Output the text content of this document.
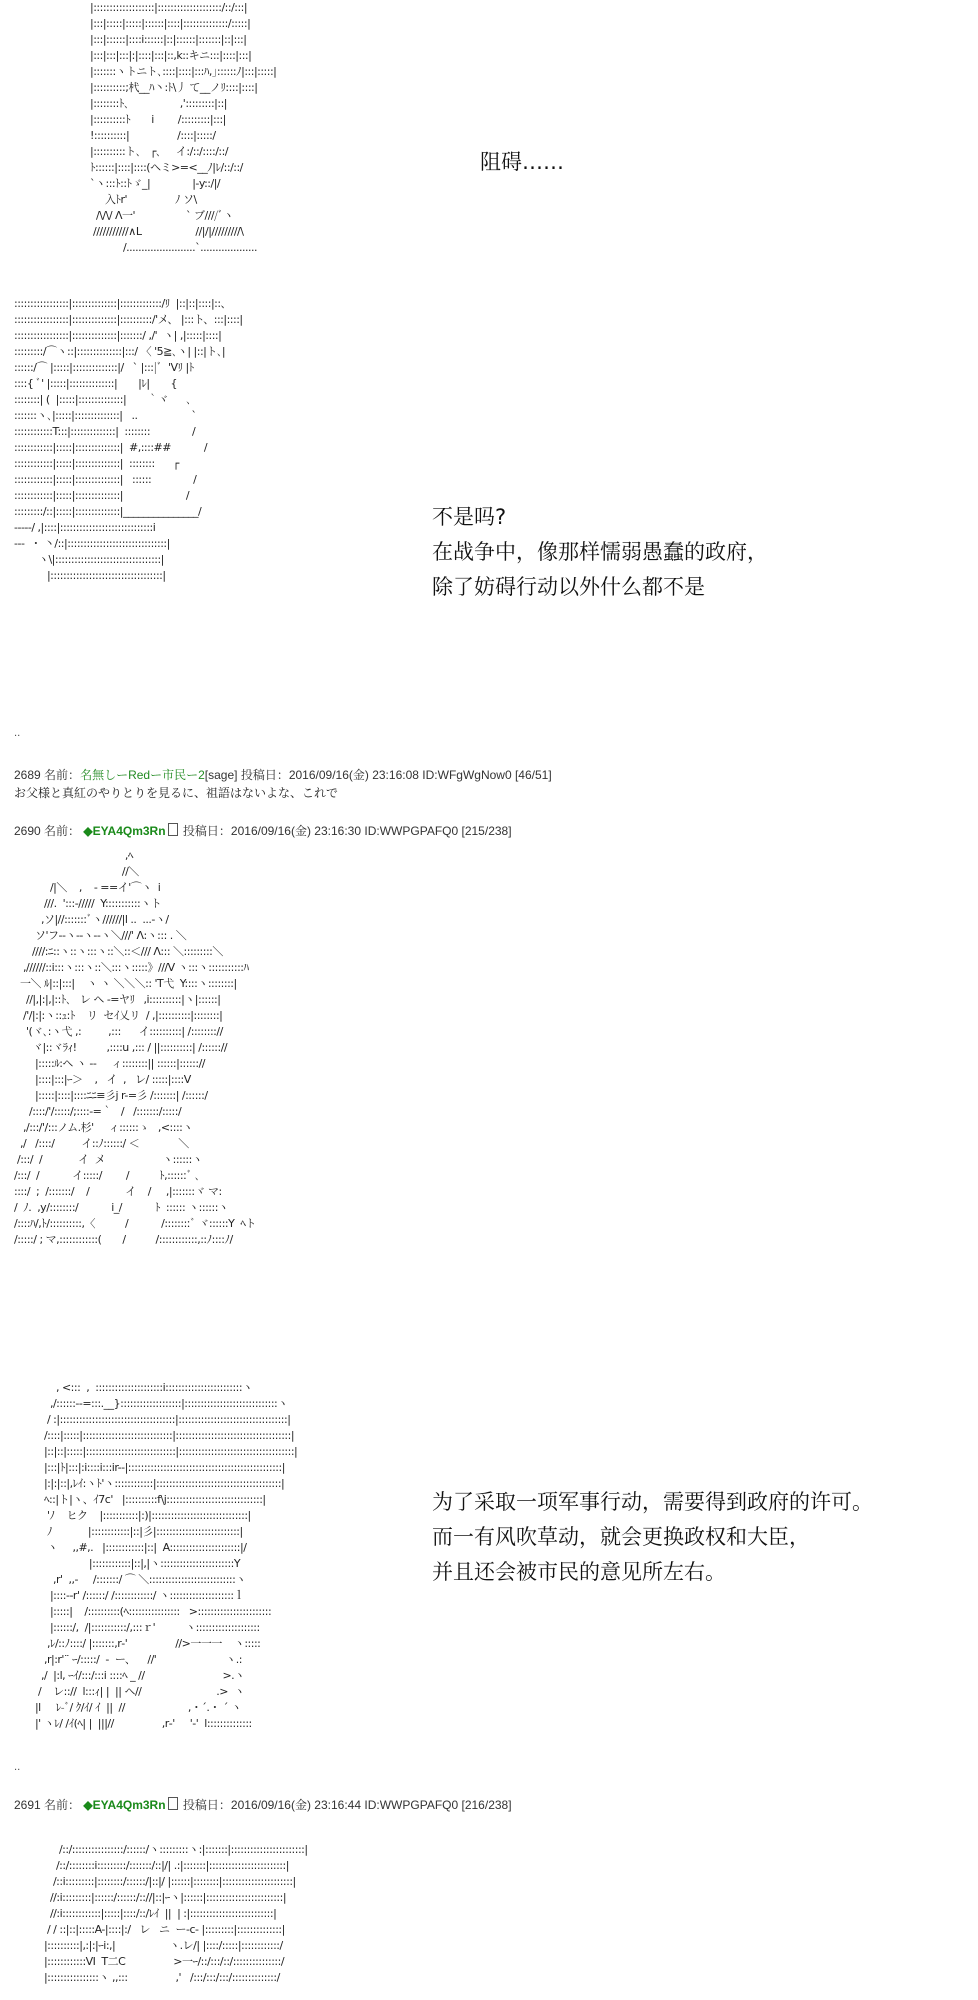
|:::::::::::::::::::|::::::::::::::::::::/::/:::|
|:::|:::::|:::::|::::::|::::|::::::::::::::/:::::|
|:::|::::::|::::i::::::|::|::::::|:::::::|::|:::|
|:::|:::|:::|:|::::|:::|::,k::キニ:::|::::|:::|
|:::::::ヽトニト､::::|::::|:::ﾊ,｣::::::ﾉ|:::|:::::|
|::::::::::;杙__ﾊ丶:ﾄ\丿 て__ノﾘ::::|::::|
|::::::::ﾄ､                 ,':::::::::|::|
|::::::::::ﾄ       i        /:::::::::|:::|
!::::::::::|                /::::|:::::/
|::::::::::ト､   ┌､     イ:/::/::::/::/
ﾄ::::::|::::|::::(ヘミ>=<__ﾉ|ﾚ/::/::/
`ヽ:::ﾄ::ﾄゞ_|              |-y::/|/
入ﾄr'                ﾉ ソ\
/\/\/ Λ一'                 ` ブ////ﾞヽ
///////////∧L                  //|/|/////////\
/.......................`...................
阻碍……
:::::::::::::::::|::::::::::::::|:::::::::::::/ﾘ  |::|::|::::|::、
:::::::::::::::::|::::::::::::::|::::::::::/'メ、 |:::ト、:::|::::|
:::::::::::::::::|::::::::::::::|:::::::/ ,/'  ヽ| ,|:::::|::::|
:::::::::/⌒ヽ::|::::::::::::::|:::/ 〈 '5≧､ヽ| |::|ト､|
::::::/⌒ |:::::|::::::::::::::|/   ` |:::|ﾞ  'Vﾘ |ﾄ
::::{ ﾞ' |:::::|::::::::::::::|       |ﾚ|       {
::::::::| (  |:::::|::::::::::::::|       ｀ヾ      ､
:::::::ヽ､|:::::|::::::::::::::|   ..                  `
::::::::::::T:::|::::::::::::::|  ::::::::              /
::::::::::::|:::::|::::::::::::::|  #,::::##           /
::::::::::::|:::::|::::::::::::::|  ::::::::      ┌
::::::::::::|:::::|::::::::::::::|   ::::::              /
::::::::::::|:::::|::::::::::::::|                     /
:::::::::/::|:::::|::::::::::::::|_______________/
-----/ ,|::::|:::::::::::::::::::::::::::::i
---  ・ 丶/::|:::::::::::::::::::::::::::::::|
ヽ\|:::::::::::::::::::::::::::::::::|
|:::::::::::::::::::::::::::::::::::|
不是吗?
在战争中，像那样懦弱愚蠢的政府，
除了妨碍行动以外什么都不是
..
2689 名前：名無しーRedー市民ー2[sage] 投稿日：2016/09/16(金) 23:16:08 ID:WFgWgNow0 [46/51]
お父様と真紅のやりとりを見るに、祖語はないよな、これで
2690 名前： ◆EYA4Qm3Rn 投稿日：2016/09/16(金) 23:16:30 ID:WWPGPAFQ0 [215/238]
,ﾍ
//＼
/|＼    ,    - ==イ'⌒ヽ  i
///.  ':::-/////  Y:::::::::::ヽト
,ソ|//:::::::ﾞヽ//////|l ..  ...-ヽ/
ソ'フ--ヽ--ヽ--ヽ＼///' Λ:ヽ::: . ＼
////:ﾆ::ヽ::ヽ:::ヽ::＼::＜/// Λ::: ＼:::::::::＼
,//////::i:::ヽ:::ヽ::＼:::ヽ:::::》///V ヽ:::ヽ:::::::::::ﾊ
一＼ ﾙ|::|:::|    ヽ ヽ ＼＼＼:: 'T弋  Y::::ヽ::::::::|
//|,|:|,|::ﾄ､   レ ヘ -=ヤﾘ   ,i::::::::::|ヽ|::::::|
/'/|:|:ヽ::ｭ:ﾄ    リ  セｲ乂リ  / ,|::::::::::|::::::::|
'(ヾ､:ヽ弋 ,:         ,:::      イ::::::::::| /:::::::://
ヾ|::ヾﾗｨ!          ,::::u ,::: / ||::::::::::| /:::::://
|:::::ﾙ:ヘ ヽ --     ィ::::::::|| ::::::|:::::://
|::::|:::|ｰ＞    ,   イ  ,   レ/ :::::|::::V
|:::::|::::|::::ﾆﾆ≡彡j r-=彡 /:::::::| /::::::/
/::::/'/:::::/;::::-=｀   /   /:::::::/:::::/
,/:::/'/:::ノム.杉'     ィ::::::ゝ   ,<::::ヽ
,/   /::::/         イ::ﾉ::::::/ ＜             ＼
/:::/  /            イ  メ                   ヽ::::::ヽ
/:::/  /           イ:::::/        /          ﾄ,::::::ﾞ ､
::::/  ;  /:::::::/    /            イ    /     ,|:::::::ヾ マ:
/  ﾉ.  ,y/::::::::/           i_/           ﾄ  :::::: ヽ::::::ヽ
/::::ﾊ/,ﾄ/::::::::::,〈          /           /::::::::ﾞ ヾ::::::Y  ﾍト
/:::::/ ; マ,::::::::::::(       /          /::::::::::::,::ﾉ::::ﾉ/
, <:::  ,  :::::::::::::::::::::i::::::::::::::::::::::::ヽ
,/::::::--=:::.__}:::::::::::::::::::|:::::::::::::::::::::::::::::ヽ
/ :|::::::::::::::::::::::::::::::::::::|::::::::::::::::::::::::::::::::::|
/::::|:::::|::::::::::::::::::::::::::::|::::::::::::::::::::::::::::::::::::|
|::|::|:::::|::::::::::::::::::::::::::::|::::::::::::::::::::::::::::::::::::|
|:::|ﾄ|:::|:i::::i:::ir-‐|::::::::::::::::::::::::::::::::::::::::::::::::|
|:|:|::|,ﾚｲ:ヽﾄ'ヽ::::::::::::|:::::::::::::::::::::::::::::::::::::::|
ﾍ::|ト|ヽ、ｲ7c'   |::::::::::f\j::::::::::::::::::::::::::::::|
'ﾉ    ヒク    |:::::::::::|:)|::::::::::::::::::::::::::::::|
ﾉ            |::::::::::::|::|彡|::::::::::::::::::::::::::|
ヽ     ,,#,.   |::::::::::::|::|  A::::::::::::::::::::::|/
|::::::::::::|::|,|ヽ:::::::::::::::::::::::Y
,r'  ,,-     /:::::::/ ⌒ ＼:::::::::::::::::::::::::::ヽ
|::::-‐r' /::::::/ /::::::::::::/ ヽ::::::::::::::::::::ｌ
|:::::|    /::::::::::(ﾍ::::::::::::::::   >:::::::::::::::::::::::
|::::::/,  /|:::::::::::/,:::ｒ'          ヽ::::::::::::::::::::
,ﾚ/::ﾉ::::/ |:::::::,r‐'                //>一一一    ヽ:::::
,r|:r'¨ ｰ/:::::/  ‐  ー、    //'                       ヽ.:
,/  |:l, ｰｲ/:::/:::i ::::ﾍ _ //                          >.ヽ
/    レ:://  l:::ｨ| |  || ヘ//                         .>  ヽ
|l     ﾚ-ﾞ/ ｸ/ｲ/ ｲ  ||  //                     ,・´.・ ´ ヽ
|' ヽﾚ/ /ｲ(ﾍ| |  |||//                ,r‐'     '-'  l::::::::::::::
为了采取一项军事行动，需要得到政府的许可。
而一有风吹草动，就会更换政权和大臣，
并且还会被市民的意见所左右。
..
2691 名前： ◆EYA4Qm3Rn 投稿日：2016/09/16(金) 23:16:44 ID:WWPGPAFQ0 [216/238]
/::/::::::::::::::::/::::::/ヽ:::::::::ヽ:|:::::::|:::::::::::::::::::::::|
/::/::::::::i:::::::::/:::::::/::|/| .:|:::::::|::::::::::::::::::::::::|
/::i:::::::::|::::::::/::::::/|::|/ |::::::|::::::::|::::::::::::::::::::::|
//:i:::::::::|::::::/::::::/:://|::|ｰヽ|::::::|::::::::::::::::::::::::|
//:i::::::::::::|:::::|::::/::/ﾚｲ  ||  | :|::::::::::::::::::::::::::|
/ / ::|::|:::::A-|::::|:/   レ   ニ  ー-c- |:::::::::|::::::::::::::|
|::::::::::|,:|:|ｰi:,|                  ヽ.レ/| |::::/:::::|::::::::::::/
|::::::::::::VI  T二C                >一ｰ/::/:::/::/:::::::::::::::/
|::::::::::::::::ヽ ,,:::                ,'   /:::/:::/:::/::::::::::::::/
